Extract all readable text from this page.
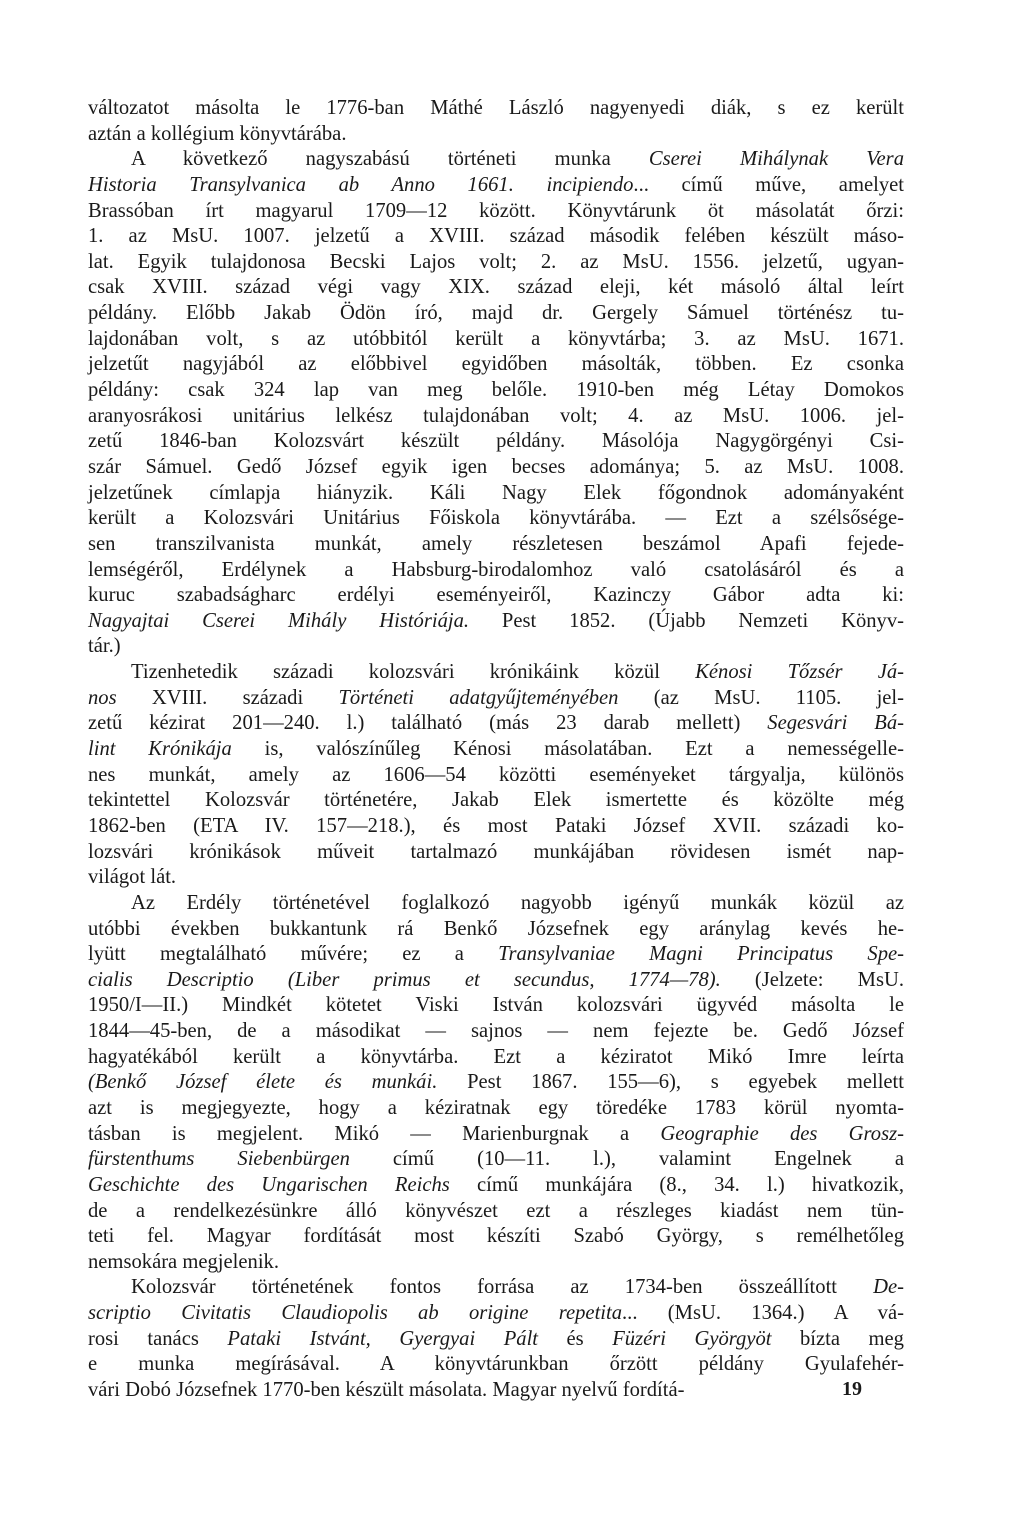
változatot másolta le 1776-ban Máthé László nagyenyedi diák, s ez került
aztán a kollégium könyvtárába.
A következő nagyszabású történeti munka Cserei Mihálynak Vera
Historia Transylvanica ab Anno 1661. incipiendo... című műve, amelyet
Brassóban írt magyarul 1709—12 között. Könyvtárunk öt másolatát őrzi:
1. az MsU. 1007. jelzetű a XVIII. század második felében készült máso-
lat. Egyik tulajdonosa Becski Lajos volt; 2. az MsU. 1556. jelzetű, ugyan-
csak XVIII. század végi vagy XIX. század eleji, két másoló által leírt
példány. Előbb Jakab Ödön író, majd dr. Gergely Sámuel történész tu-
lajdonában volt, s az utóbbitól került a könyvtárba; 3. az MsU. 1671.
jelzetűt nagyjából az előbbivel egyidőben másolták, többen. Ez csonka
példány: csak 324 lap van meg belőle. 1910-ben még Létay Domokos
aranyosrákosi unitárius lelkész tulajdonában volt; 4. az MsU. 1006. jel-
zetű 1846-ban Kolozsvárt készült példány. Másolója Nagygörgényi Csi-
szár Sámuel. Gedő József egyik igen becses adománya; 5. az MsU. 1008.
jelzetűnek címlapja hiányzik. Káli Nagy Elek főgondnok adományaként
került a Kolozsvári Unitárius Főiskola könyvtárába. — Ezt a szélsősége-
sen transzilvanista munkát, amely részletesen beszámol Apafi fejede-
lemségéről, Erdélynek a Habsburg-birodalomhoz való csatolásáról és a
kuruc szabadságharc erdélyi eseményeiről, Kazinczy Gábor adta ki:
Nagyajtai Cserei Mihály Históriája. Pest 1852. (Újabb Nemzeti Könyv-
tár.)
Tizenhetedik századi kolozsvári krónikáink közül Kénosi Tőzsér Já-
nos XVIII. századi Történeti adatgyűjteményében (az MsU. 1105. jel-
zetű kézirat 201—240. l.) található (más 23 darab mellett) Segesvári Bá-
lint Krónikája is, valószínűleg Kénosi másolatában. Ezt a nemességelle-
nes munkát, amely az 1606—54 közötti eseményeket tárgyalja, különös
tekintettel Kolozsvár történetére, Jakab Elek ismertette és közölte még
1862-ben (ETA IV. 157—218.), és most Pataki József XVII. századi ko-
lozsvári krónikások műveit tartalmazó munkájában rövidesen ismét nap-
világot lát.
Az Erdély történetével foglalkozó nagyobb igényű munkák közül az
utóbbi években bukkantunk rá Benkő Józsefnek egy aránylag kevés he-
lyütt megtalálható művére; ez a Transylvaniae Magni Principatus Spe-
cialis Descriptio (Liber primus et secundus, 1774—78). (Jelzete: MsU.
1950/I—II.) Mindkét kötetet Viski István kolozsvári ügyvéd másolta le
1844—45-ben, de a másodikat — sajnos — nem fejezte be. Gedő József
hagyatékából került a könyvtárba. Ezt a kéziratot Mikó Imre leírta
(Benkő József élete és munkái. Pest 1867. 155—6), s egyebek mellett
azt is megjegyezte, hogy a kéziratnak egy töredéke 1783 körül nyomta-
tásban is megjelent. Mikó — Marienburgnak a Geographie des Grosz-
fürstenthums Siebenbürgen című (10—11. l.), valamint Engelnek a
Geschichte des Ungarischen Reichs című munkájára (8., 34. l.) hivatkozik,
de a rendelkezésünkre álló könyvészet ezt a részleges kiadást nem tün-
teti fel. Magyar fordítását most készíti Szabó György, s remélhetőleg
nemsokára megjelenik.
Kolozsvár történetének fontos forrása az 1734-ben összeállított De-
scriptio Civitatis Claudiopolis ab origine repetita... (MsU. 1364.) A vá-
rosi tanács Pataki Istvánt, Gyergyai Pált és Füzéri Györgyöt bízta meg
e munka megírásával. A könyvtárunkban őrzött példány Gyulafehér-
vári Dobó Józsefnek 1770-ben készült másolata. Magyar nyelvű fordítá-	19
